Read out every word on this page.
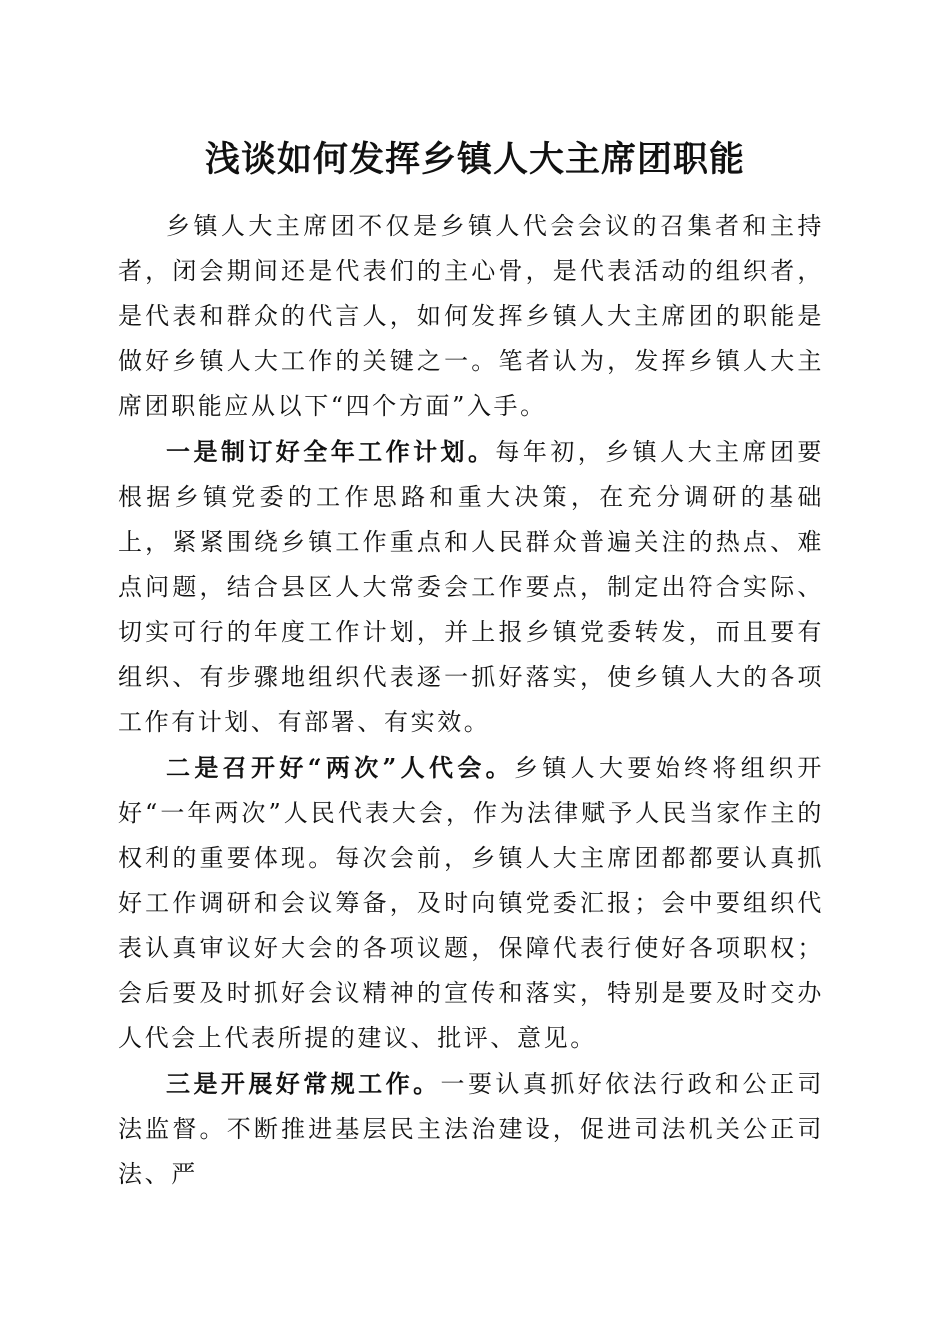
浅谈如何发挥乡镇人大主席团职能

乡镇人大主席团不仅是乡镇人代会会议的召集者和主持者，闭会期间还是代表们的主心骨，是代表活动的组织者，是代表和群众的代言人，如何发挥乡镇人大主席团的职能是做好乡镇人大工作的关键之一。笔者认为，发挥乡镇人大主席团职能应从以下“四个方面”入手。

一是制订好全年工作计划。每年初，乡镇人大主席团要根据乡镇党委的工作思路和重大决策，在充分调研的基础上，紧紧围绕乡镇工作重点和人民群众普遍关注的热点、难点问题，结合县区人大常委会工作要点，制定出符合实际、切实可行的年度工作计划，并上报乡镇党委转发，而且要有组织、有步骤地组织代表逐一抓好落实，使乡镇人大的各项工作有计划、有部署、有实效。

二是召开好“两次”人代会。乡镇人大要始终将组织开好“一年两次”人民代表大会，作为法律赋予人民当家作主的权利的重要体现。每次会前，乡镇人大主席团都都要认真抓好工作调研和会议筹备，及时向镇党委汇报；会中要组织代表认真审议好大会的各项议题，保障代表行使好各项职权；会后要及时抓好会议精神的宣传和落实，特别是要及时交办人代会上代表所提的建议、批评、意见。

三是开展好常规工作。一要认真抓好依法行政和公正司法监督。不断推进基层民主法治建设，促进司法机关公正司法、严
